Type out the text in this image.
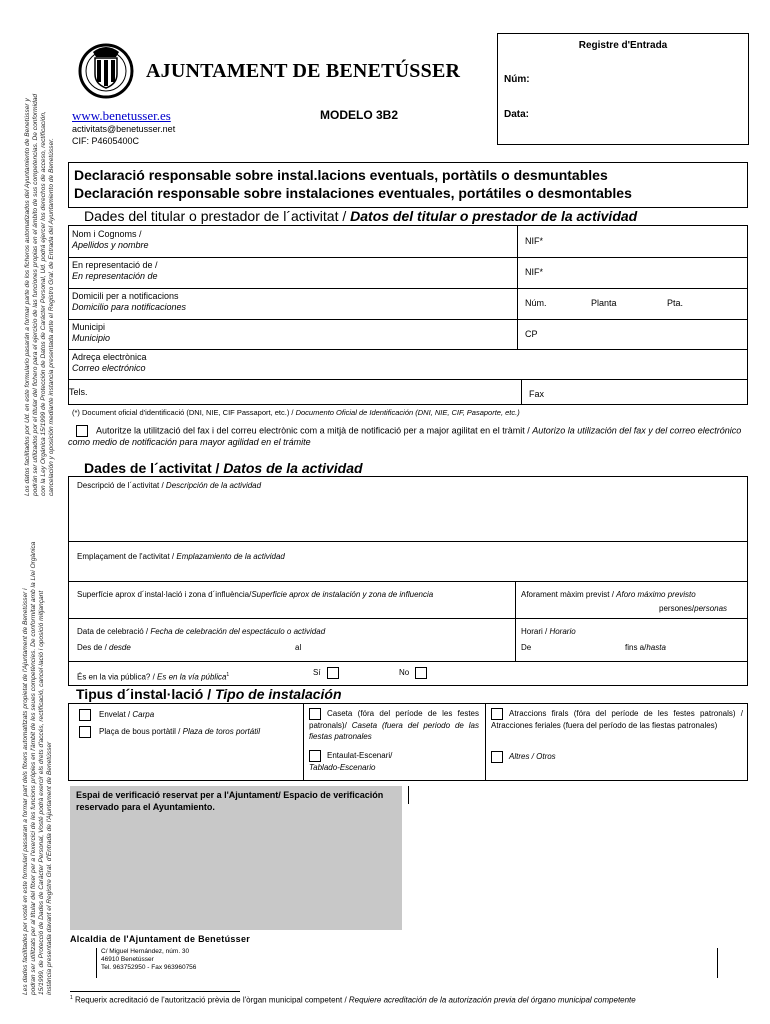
Los datos facilitados por Ud. en este formulario pasarán a formar parte de los ficheros automatizados del Ayuntamiento de Benetússer y podrán ser utilizados por el titular del fichero para el ejercicio de las funciones propias en el ámbito de sus competencias. De conformidad con la Ley Orgánica 15/1999 de Protección de Datos de Carácter Personal, Ud. podrá ejercer los derechos de acceso, rectificación, cancelación y oposición mediante instancia presentada ante el Registro Gral. de Entrada del Ayuntamiento de Benetússer.
Les dades facilitades per vosté en este formulari passaran a formar part dels fitxers automatitzats propietat de l'Ajuntament de Benetússer i podran ser utilitzats per al titular del fitxer per a l'exercici de les funcions pròpies en l'àmbit de les seues competències. De conformitat amb la Llei Orgànica 15/1999, de Protecció de Dades de Caràcter Personal, Vosté podrà exercir els drets d'accés, rectificació, cancel·lació i oposició mitjançant instància presentada davant el Registre Gral. d'Entrada de l'Ajuntament de Benetússer
AJUNTAMENT DE BENETÚSSER
www.benetusser.es
activitats@benetusser.net
CIF: P4605400C
MODELO 3B2
Registre d'Entrada
Núm:
Data:
Declaració responsable sobre instal.lacions eventuals, portàtils o desmuntables
Declaración responsable sobre instalaciones eventuales, portátiles o desmontables
Dades del titular o prestador de l´activitat / Datos del titular o prestador de la actividad
Nom i Cognoms /
Apellidos y nombre	NIF*
En representació de /
En representación de	NIF*
Domicili per a notificacions
Domicilio para notificaciones	Núm.	Planta	Pta.
Municipi
Municipio	CP
Adreça electrònica
Correo electrónico
Tels.	Fax
(*) Document oficial d'identificació (DNI, NIE, CIF Passaport, etc.) / Documento Oficial de Identificación (DNI, NIE, CIF, Pasaporte, etc.)
Autoritze la utilització del fax i del correu electrònic com a mitjà de notificació per a major agilitat en el tràmit / Autorizo la utilización del fax y del correo electrónico como medio de notificación para mayor agilidad en el trámite
Dades de l´activitat / Datos de la actividad
Descripció de l´activitat / Descripción de la actividad
Emplaçament de l'activitat / Emplazamiento de la actividad
Superfície aprox d´instal·lació i zona d´influència/Superficie aprox de instalación y zona de influencia	Aforament màxim previst / Aforo máximo previsto
persones/personas
Data de celebració / Fecha de celebración del espectáculo o actividad
Des de / desde	al
Horari / Horario
De	fins a/hasta
És en la via pública? / Es en la vía pública$^1$	Sí	No
Tipus d´instal·lació / Tipo de instalación
Envelat / Carpa
Plaça de bous portàtil / Plaza de toros portátil
Caseta (fóra del període de les festes patronals)/ Caseta (fuera del periodo de las fiestas patronales
Entaulat-Escenari/
Tablado-Escenario
Atraccions firals (fóra del període de les festes patronals) / Atracciones feriales (fuera del período de las fiestas patronales)
Altres / Otros
Espai de verificació reservat per a l'Ajuntament/ Espacio de verificación reservado para el Ayuntamiento.
Alcaldia de l'Ajuntament de Benetússer
C/ Miguel Hernández, núm. 30
46910 Benetússer
Tel. 963752950 - Fax 963960756
$^1$ Requerix acreditació de l'autorització prèvia de l'òrgan municipal competent / Requiere acreditación de la autorización previa del órgano municipal competente
